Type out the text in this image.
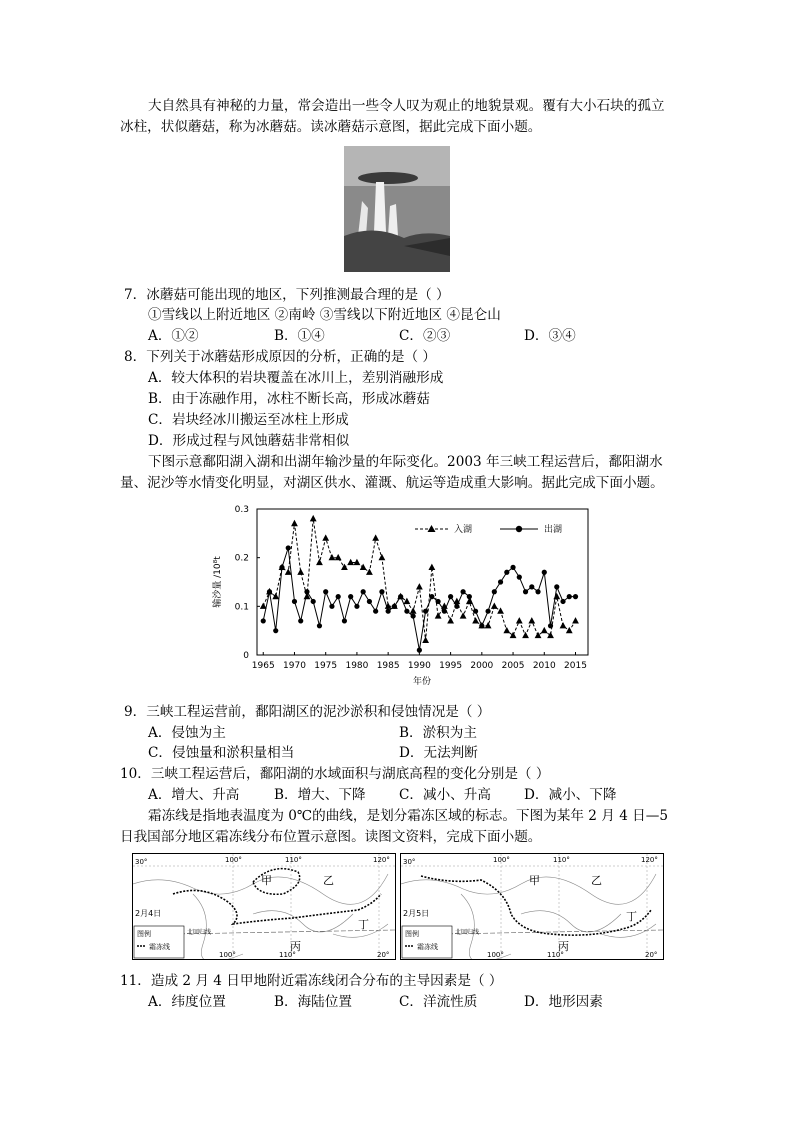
大自然具有神秘的力量，常会造出一些令人叹为观止的地貌景观。覆有大小石块的孤立
冰柱，状似蘑菇，称为冰蘑菇。读冰蘑菇示意图，据此完成下面小题。
7．冰蘑菇可能出现的地区，下列推测最合理的是（ ）
①雪线以上附近地区 ②南岭 ③雪线以下附近地区 ④昆仑山
A．①②	B．①④	C．②③	D．③④
8．下列关于冰蘑菇形成原因的分析，正确的是（ ）
A．较大体积的岩块覆盖在冰川上，差别消融形成
B．由于冻融作用，冰柱不断长高，形成冰蘑菇
C．岩块经冰川搬运至冰柱上形成
D．形成过程与风蚀蘑菇非常相似
下图示意鄱阳湖入湖和出湖年输沙量的年际变化。2003 年三峡工程运营后，鄱阳湖水
量、泥沙等水情变化明显，对湖区供水、灌溉、航运等造成重大影响。据此完成下面小题。
输沙量 /10⁸t
年份
入湖	出湖
1965 1970 1975 1980 1985 1990 1995 2000 2005 2010 2015
0
0.1
0.2
0.3
9．三峡工程运营前，鄱阳湖区的泥沙淤积和侵蚀情况是（ ）
A．侵蚀为主	B．淤积为主
C．侵蚀量和淤积量相当	D．无法判断
10．三峡工程运营后，鄱阳湖的水域面积与湖底高程的变化分别是（ ）
A．增大、升高	B．增大、下降 C．减小、升高 D．减小、下降
霜冻线是指地表温度为 0℃的曲线，是划分霜冻区域的标志。下图为某年 2 月 4 日—5
日我国部分地区霜冻线分布位置示意图。读图文资料，完成下面小题。
30°	100°	110°	120°
2月4日
图例
霜冻线
北回归线
甲	乙
丙
丁
100°	110°	20°
30°	100°	110°	120°
2月5日
图例
霜冻线
北回归线
甲	乙
丙
丁
100°	110°	20°
11．造成 2 月 4 日甲地附近霜冻线闭合分布的主导因素是（ ）
A．纬度位置	B．海陆位置	C．洋流性质	D．地形因素
